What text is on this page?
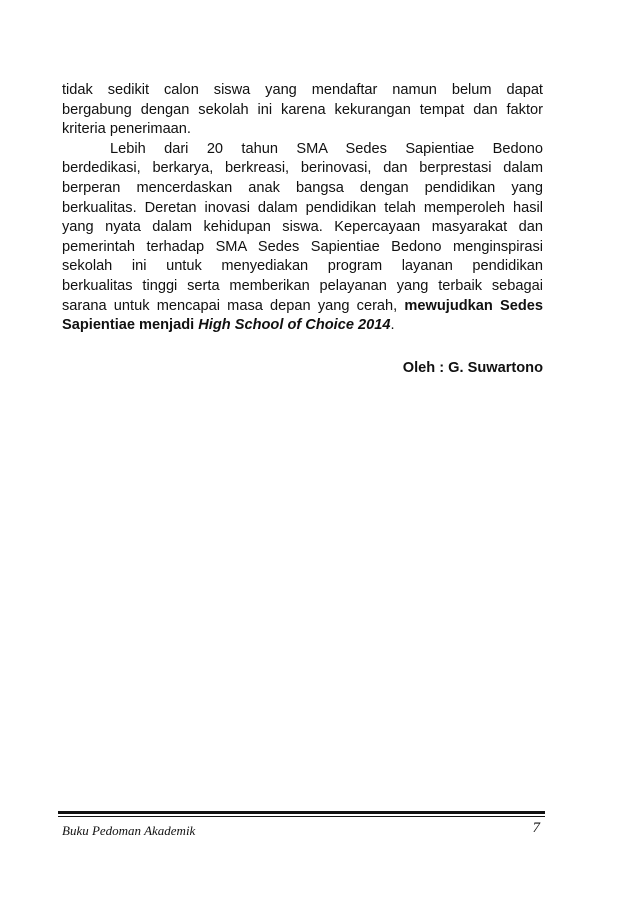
tidak sedikit calon siswa yang mendaftar namun belum dapat
bergabung dengan sekolah ini karena kekurangan tempat dan faktor
kriteria penerimaan.
Lebih dari 20 tahun SMA Sedes Sapientiae Bedono
berdedikasi, berkarya, berkreasi, berinovasi, dan berprestasi dalam
berperan mencerdaskan anak bangsa dengan pendidikan yang
berkualitas. Deretan inovasi dalam pendidikan telah memperoleh hasil
yang nyata dalam kehidupan siswa. Kepercayaan masyarakat dan
pemerintah terhadap SMA Sedes Sapientiae Bedono menginspirasi
sekolah ini untuk menyediakan program layanan pendidikan
berkualitas tinggi serta memberikan pelayanan yang terbaik sebagai
sarana untuk mencapai masa depan yang cerah, mewujudkan Sedes
Sapientiae menjadi High School of Choice 2014.
Oleh : G. Suwartono
Buku Pedoman Akademik	7
